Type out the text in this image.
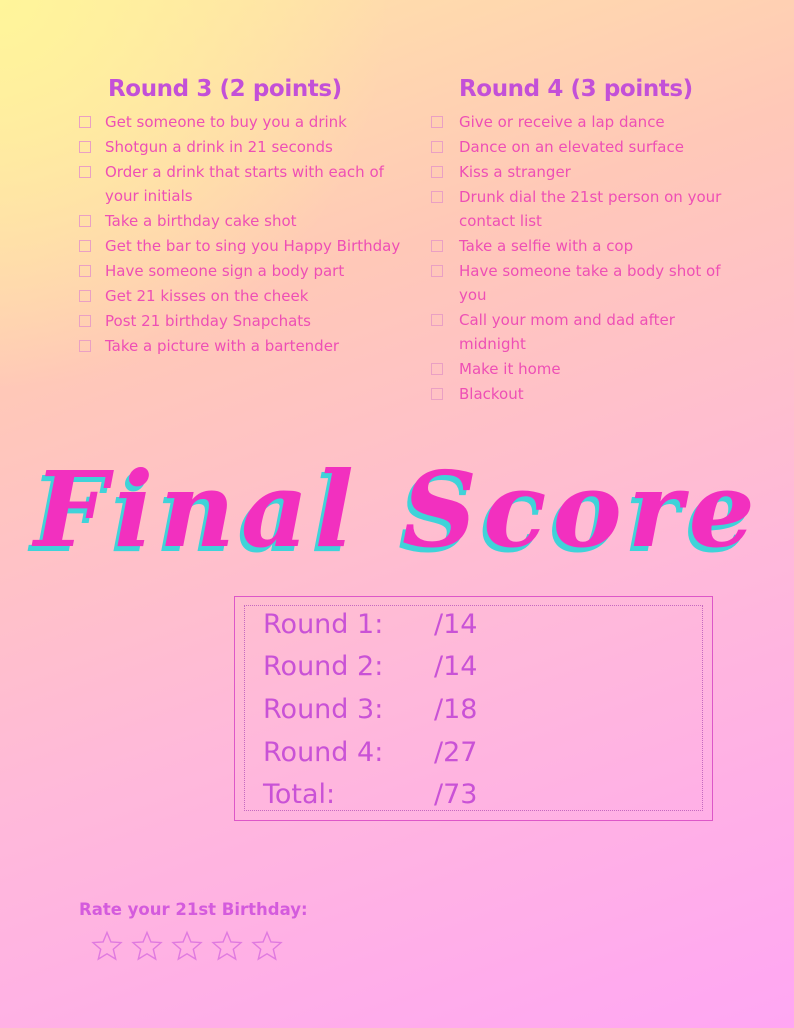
Round 3 (2 points)
Get someone to buy you a drink
Shotgun a drink in 21 seconds
Order a drink that starts with each of your initials
Take a birthday cake shot
Get the bar to sing you Happy Birthday
Have someone sign a body part
Get 21 kisses on the cheek
Post 21 birthday Snapchats
Take a picture with a bartender
Round 4 (3 points)
Give or receive a lap dance
Dance on an elevated surface
Kiss a stranger
Drunk dial the 21st person on your contact list
Take a selfie with a cop
Have someone take a body shot of you
Call your mom and dad after midnight
Make it home
Blackout
Final Score
Round 1: /14
Round 2: /14
Round 3: /18
Round 4: /27
Total:	/73

Rate your 21st Birthday:
